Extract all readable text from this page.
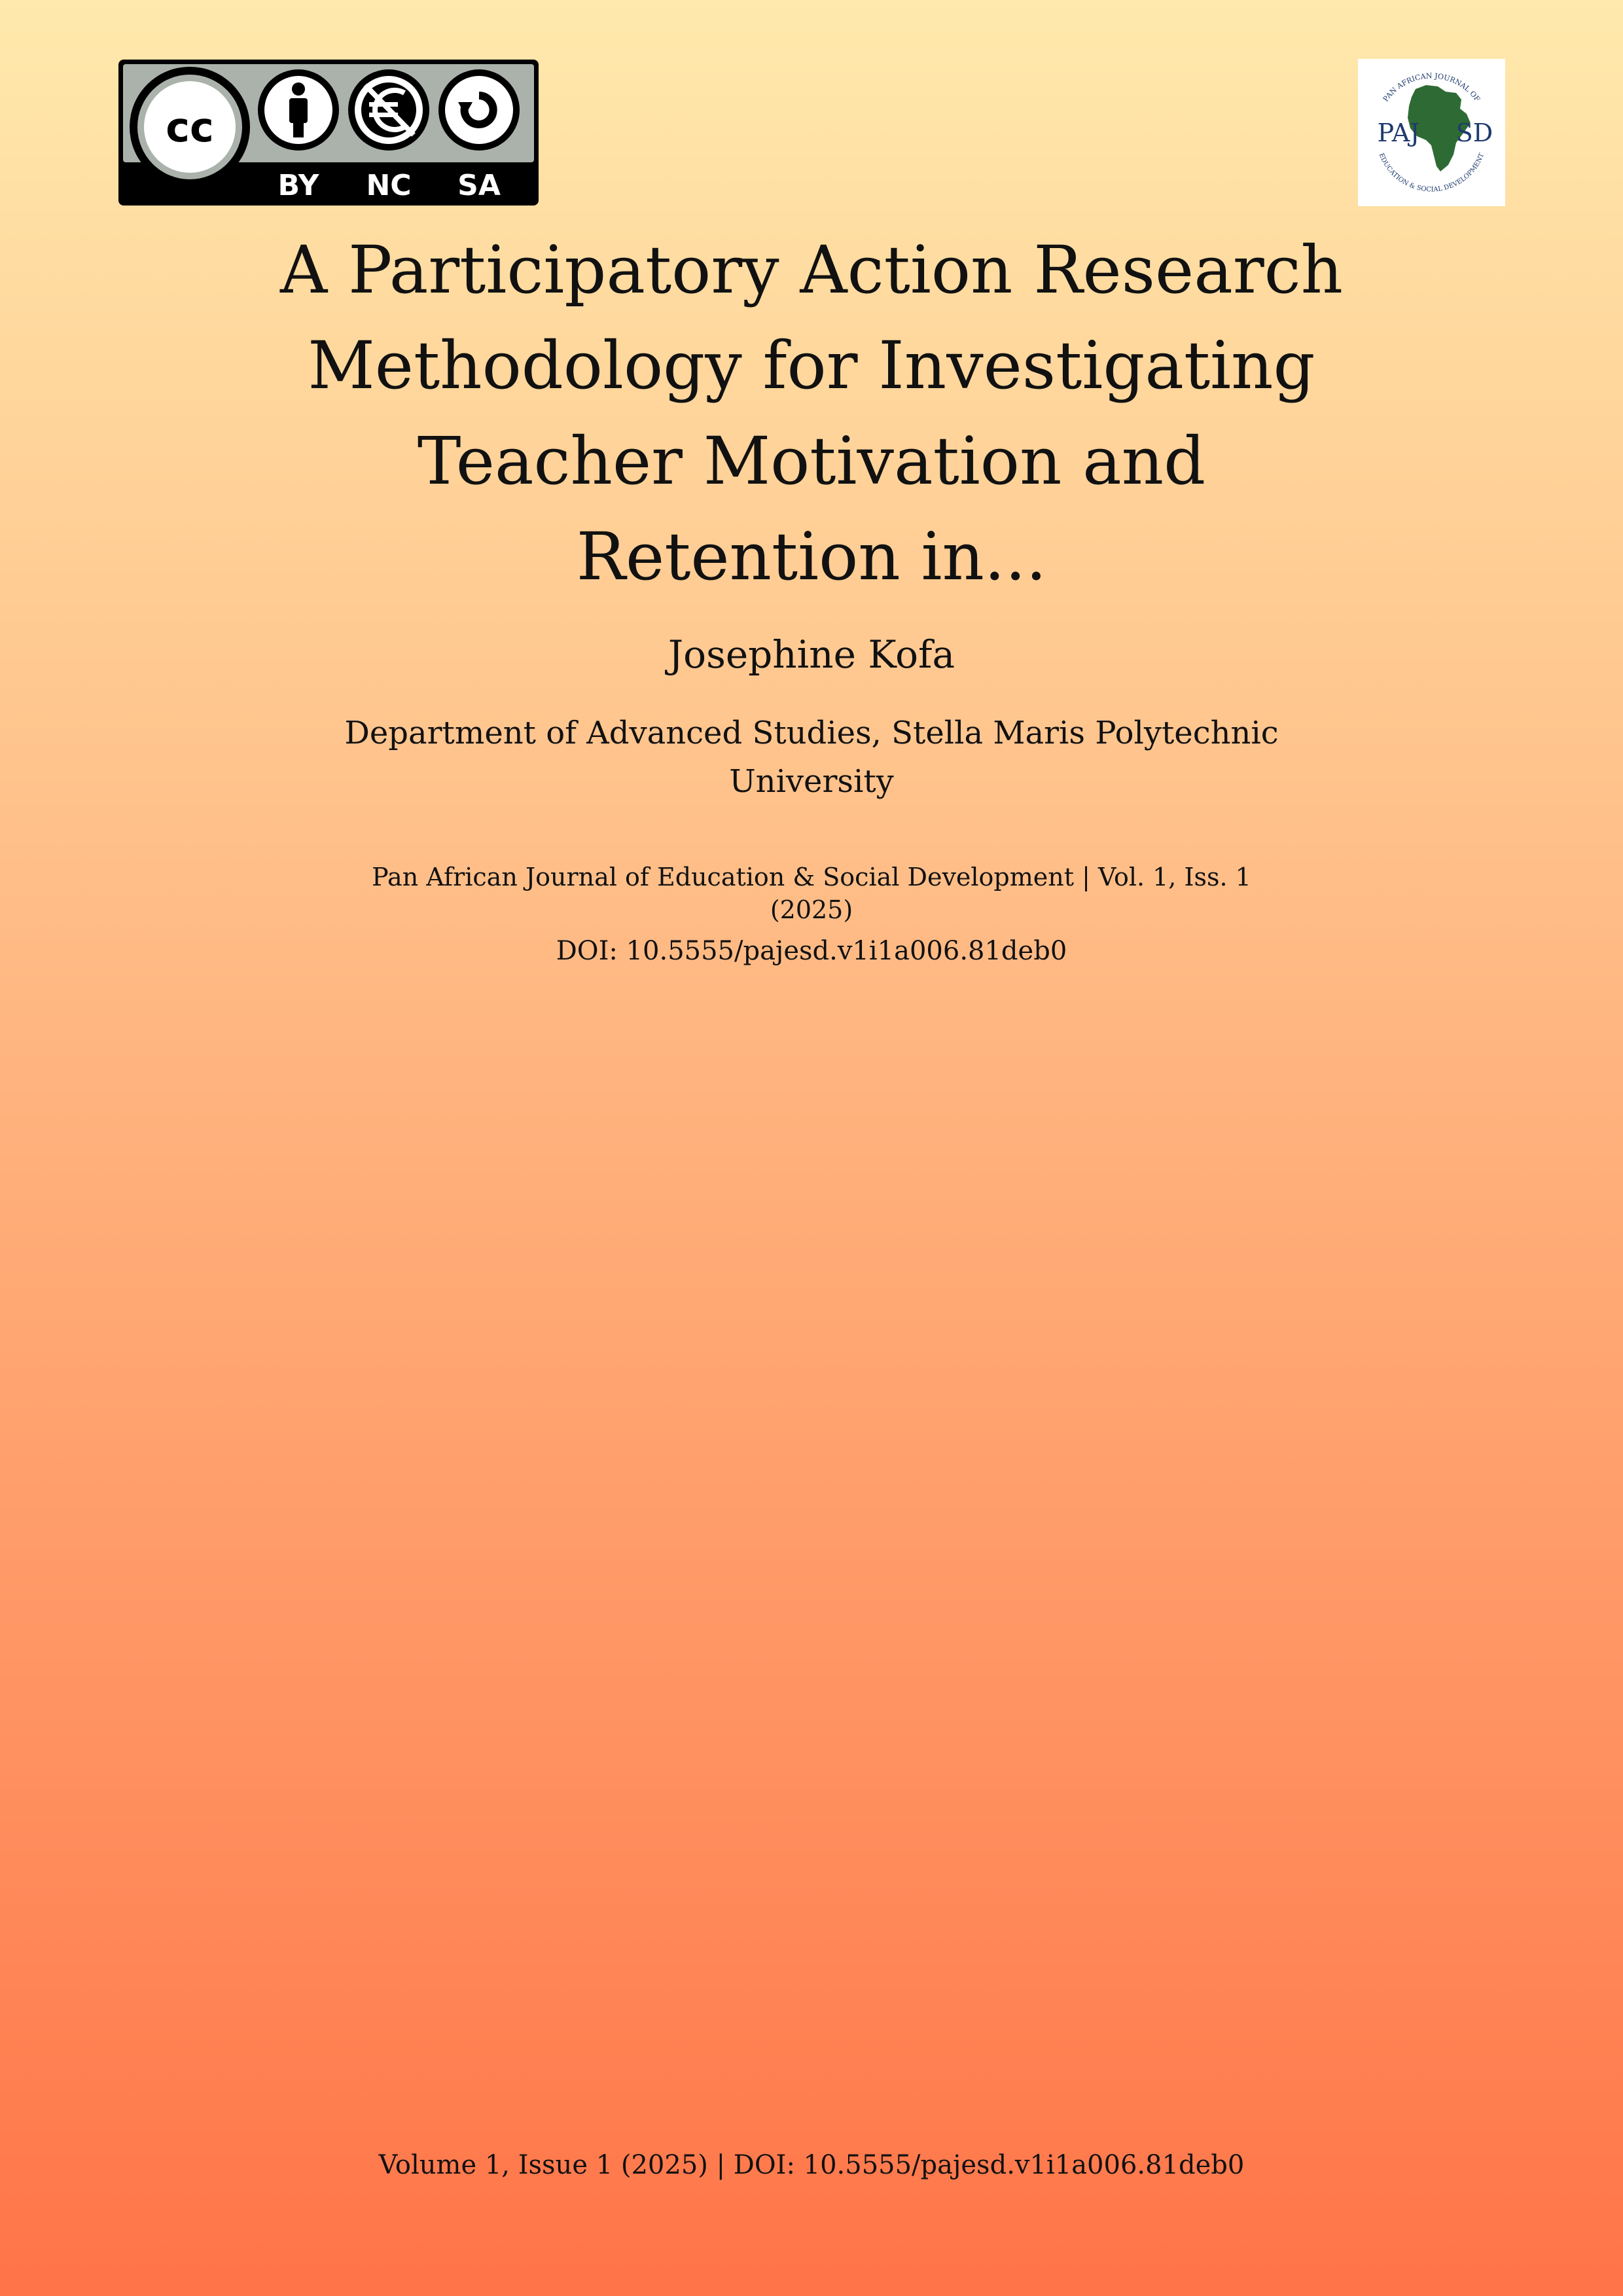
cc
BY NC SA
PAN AFRICAN JOURNAL OF
EDUCATION & SOCIAL DEVELOPMENT
PAJ SD
A Participatory Action Research Methodology for Investigating Teacher Motivation and Retention in...
Josephine Kofa
Department of Advanced Studies, Stella Maris Polytechnic University
Pan African Journal of Education & Social Development | Vol. 1, Iss. 1 (2025)
DOI: 10.5555/pajesd.v1i1a006.81deb0
Volume 1, Issue 1 (2025) | DOI: 10.5555/pajesd.v1i1a006.81deb0
